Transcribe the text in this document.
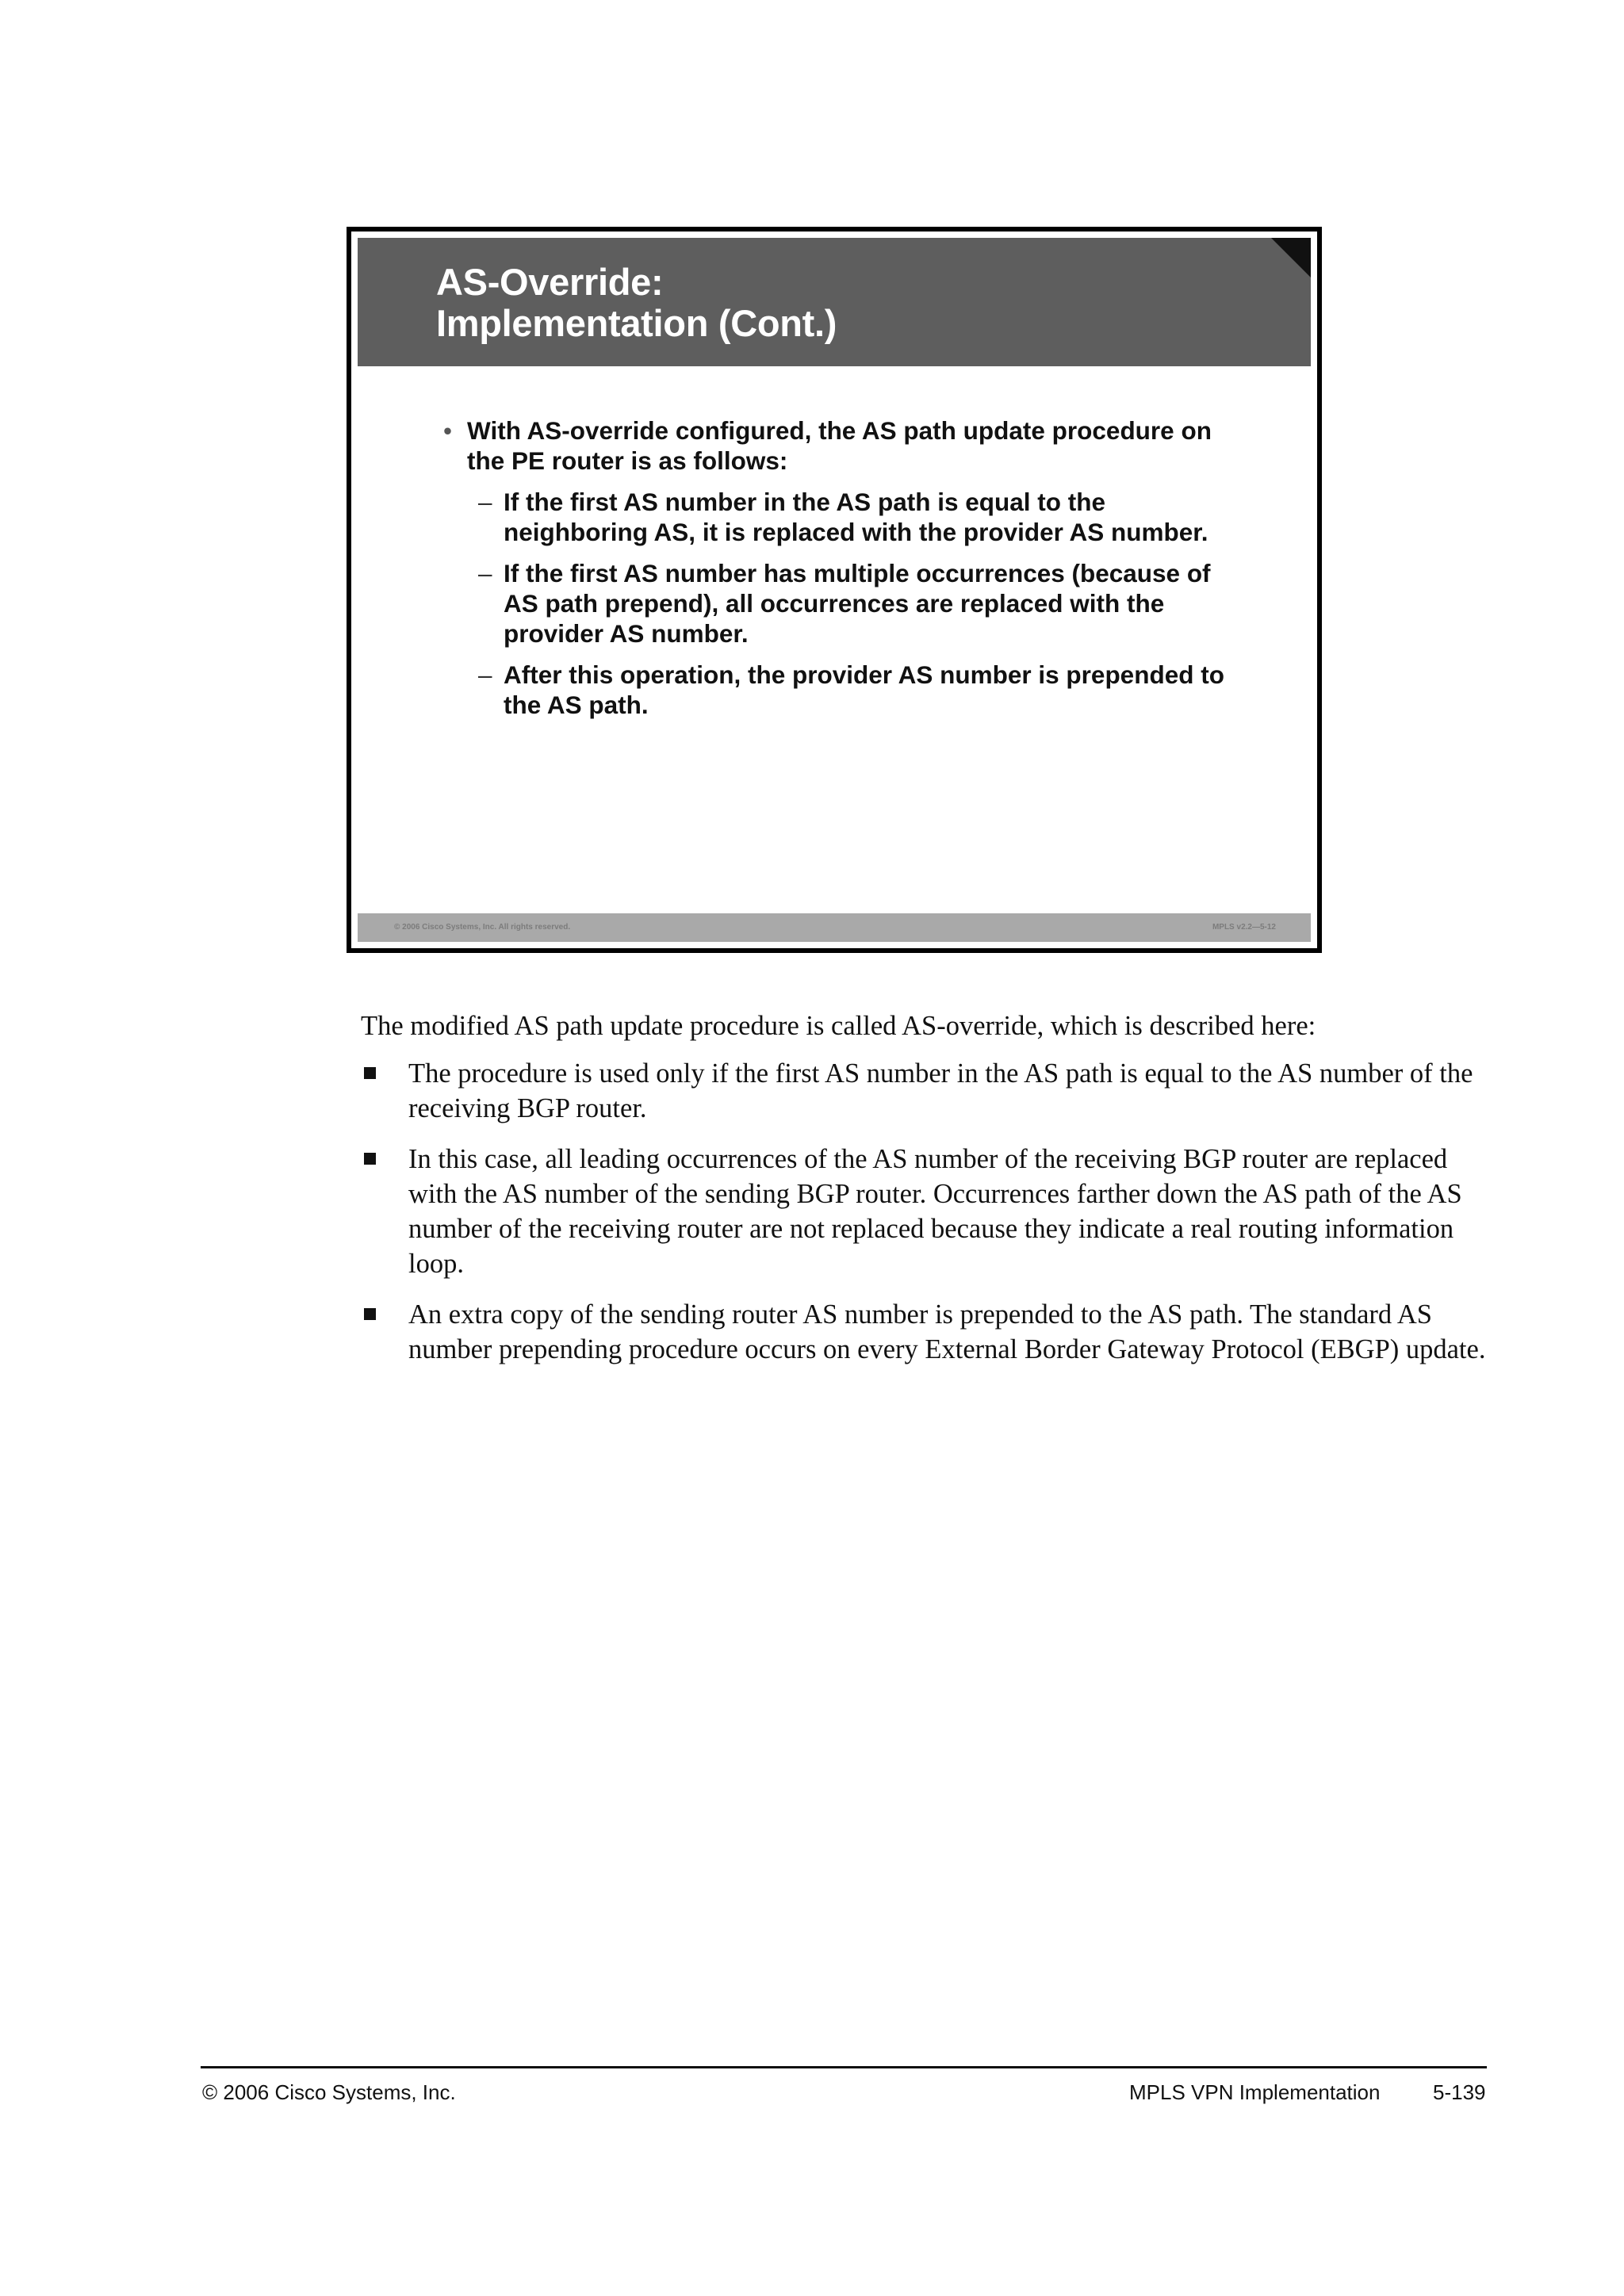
AS-Override:
Implementation (Cont.)
• With AS-override configured, the AS path update procedure on the PE router is as follows:
– If the first AS number in the AS path is equal to the neighboring AS, it is replaced with the provider AS number.
– If the first AS number has multiple occurrences (because of AS path prepend), all occurrences are replaced with the provider AS number.
– After this operation, the provider AS number is prepended to the AS path.
© 2006 Cisco Systems, Inc. All rights reserved.	MPLS v2.2—5-12

The modified AS path update procedure is called AS-override, which is described here:

The procedure is used only if the first AS number in the AS path is equal to the AS number of the receiving BGP router.
In this case, all leading occurrences of the AS number of the receiving BGP router are replaced with the AS number of the sending BGP router. Occurrences farther down the AS path of the AS number of the receiving router are not replaced because they indicate a real routing information loop.
An extra copy of the sending router AS number is prepended to the AS path. The standard AS number prepending procedure occurs on every External Border Gateway Protocol (EBGP) update.
© 2006 Cisco Systems, Inc.	MPLS VPN Implementation	5-139
